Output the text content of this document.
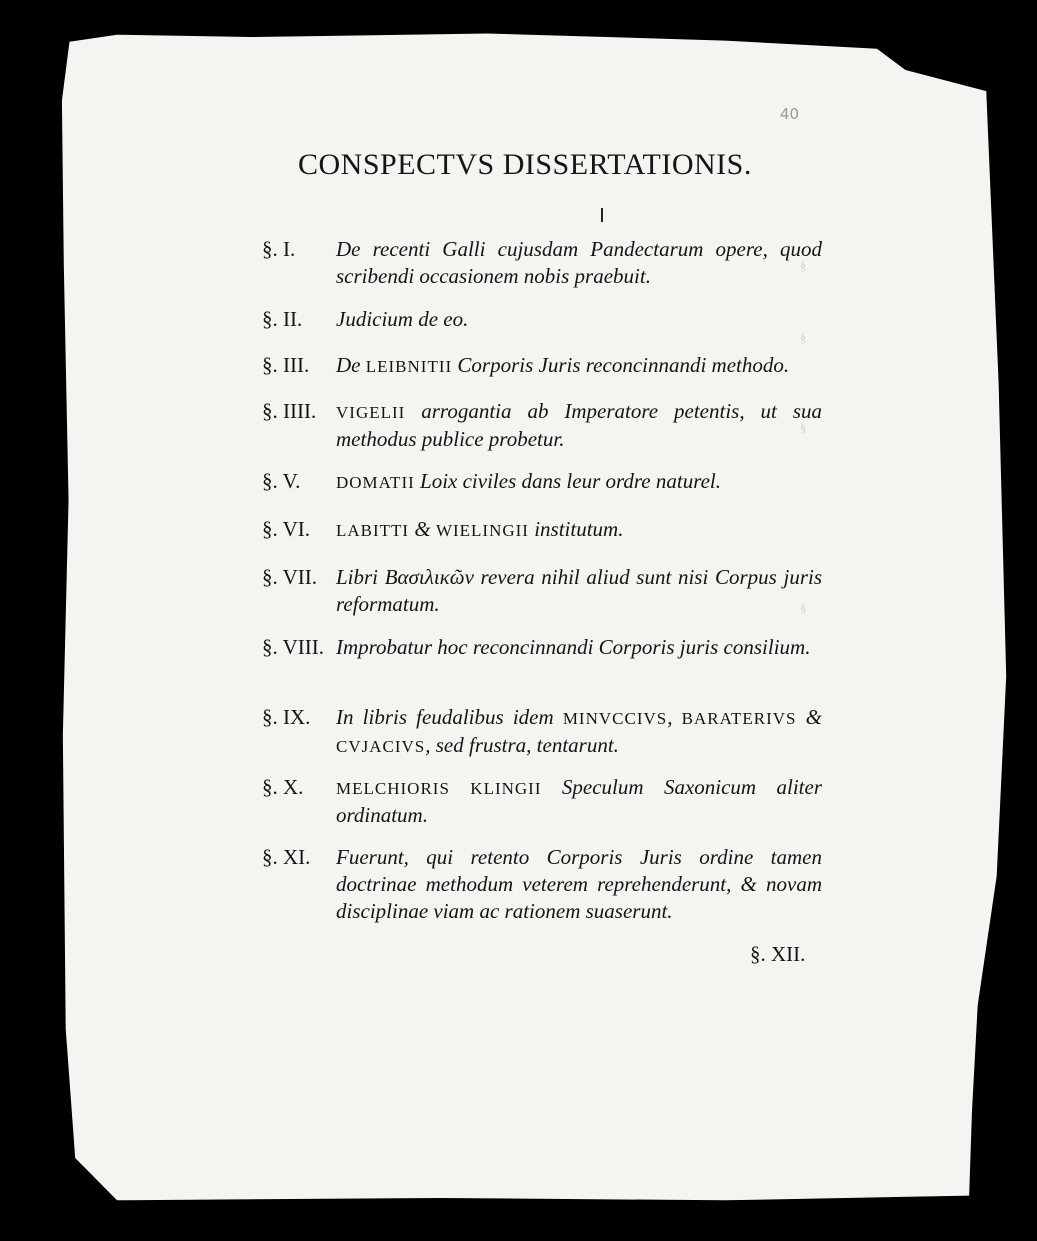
§
§
§
§
40
CONSPECTVS DISSERTATIONIS.
§. I. De recenti Galli cujusdam Pandectarum opere, quod scribendi occasionem nobis praebuit.
§. II. Judicium de eo.
§. III. De LEIBNITII Corporis Juris reconcinnandi methodo.
§. IIII. VIGELII arrogantia ab Imperatore petentis, ut sua methodus publice probetur.
§. V. DOMATII Loix civiles dans leur ordre naturel.
§. VI. LABITTI & WIELINGII institutum.
§. VII. Libri Βασιλικῶν revera nihil aliud sunt nisi Corpus juris reformatum.
§. VIII. Improbatur hoc reconcinnandi Corporis juris consilium.
§. IX. In libris feudalibus idem MINVCCIVS, BARATERIVS & CVJACIVS, sed frustra, tentarunt.
§. X. MELCHIORIS KLINGII Speculum Saxonicum aliter ordinatum.
§. XI. Fuerunt, qui retento Corporis Juris ordine tamen doctrinae methodum veterem reprehenderunt, & novam disciplinae viam ac rationem suaserunt.
§. XII.
